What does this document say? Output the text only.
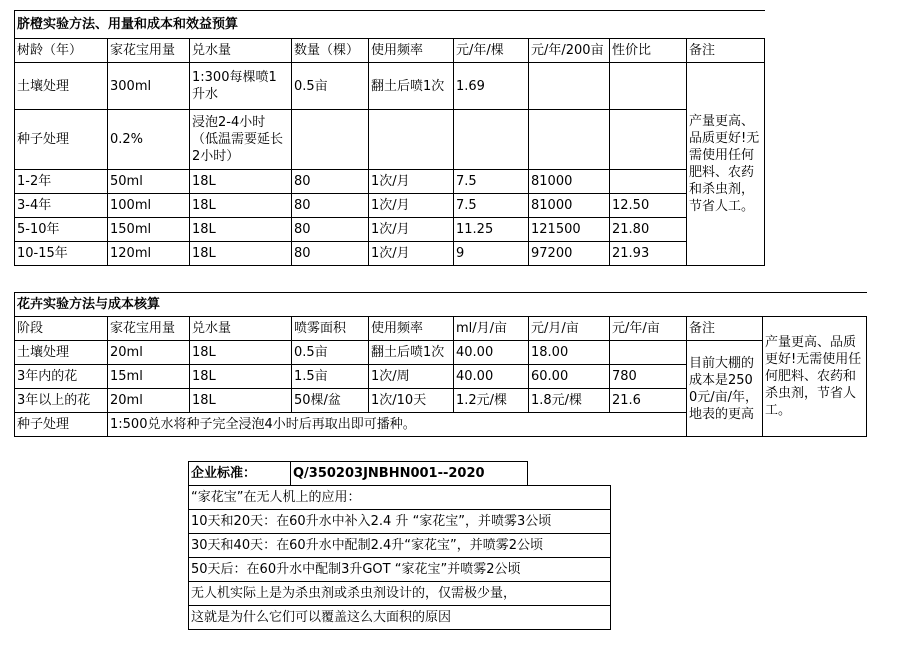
脐橙实验方法、用量和成本和效益预算								
树龄（年）	家花宝用量	兑水量	数量（棵）	使用频率	元/年/棵	元/年/200亩	性价比	备注
土壤处理	300ml	1:300每棵喷1升水	0.5亩	翻土后喷1次	1.69			产量更高、品质更好!无需使用任何肥料、农药和杀虫剂，节省人工。
种子处理	0.2%	浸泡2-4小时（低温需要延长2小时）						
1-2年	50ml	18L	80	1次/月	7.5	81000		
3-4年	100ml	18L	80	1次/月	7.5	81000	12.50	
5-10年	150ml	18L	80	1次/月	11.25	121500	21.80	
10-15年	120ml	18L	80	1次/月	9	97200	21.93	
花卉实验方法与成本核算									
阶段	家花宝用量	兑水量	喷雾面积	使用频率	ml/月/亩	元/月/亩	元/年/亩	备注	产量更高、品质更好!无需使用任何肥料、农药和杀虫剂，节省人工。
土壤处理	20ml	18L	0.5亩	翻土后喷1次	40.00	18.00		目前大棚的成本是2500元/亩/年，地表的更高	
3年内的花	15ml	18L	1.5亩	1次/周	40.00	60.00	780		
3年以上的花	20ml	18L	50棵/盆	1次/10天	1.2元/棵	1.8元/棵	21.6		
种子处理	1:500兑水将种子完全浸泡4小时后再取出即可播种。								
企业标准：	Q/350203JNBHN001--2020	
“家花宝”在无人机上的应用：
10天和20天：在60升水中补入2.4 升 “家花宝”，并喷雾3公顷
30天和40天：在60升水中配制2.4升“家花宝”，并喷雾2公顷
50天后：在60升水中配制3升GOT “家花宝”并喷雾2公顷
无人机实际上是为杀虫剂或杀虫剂设计的，仅需极少量，
这就是为什么它们可以覆盖这么大面积的原因
